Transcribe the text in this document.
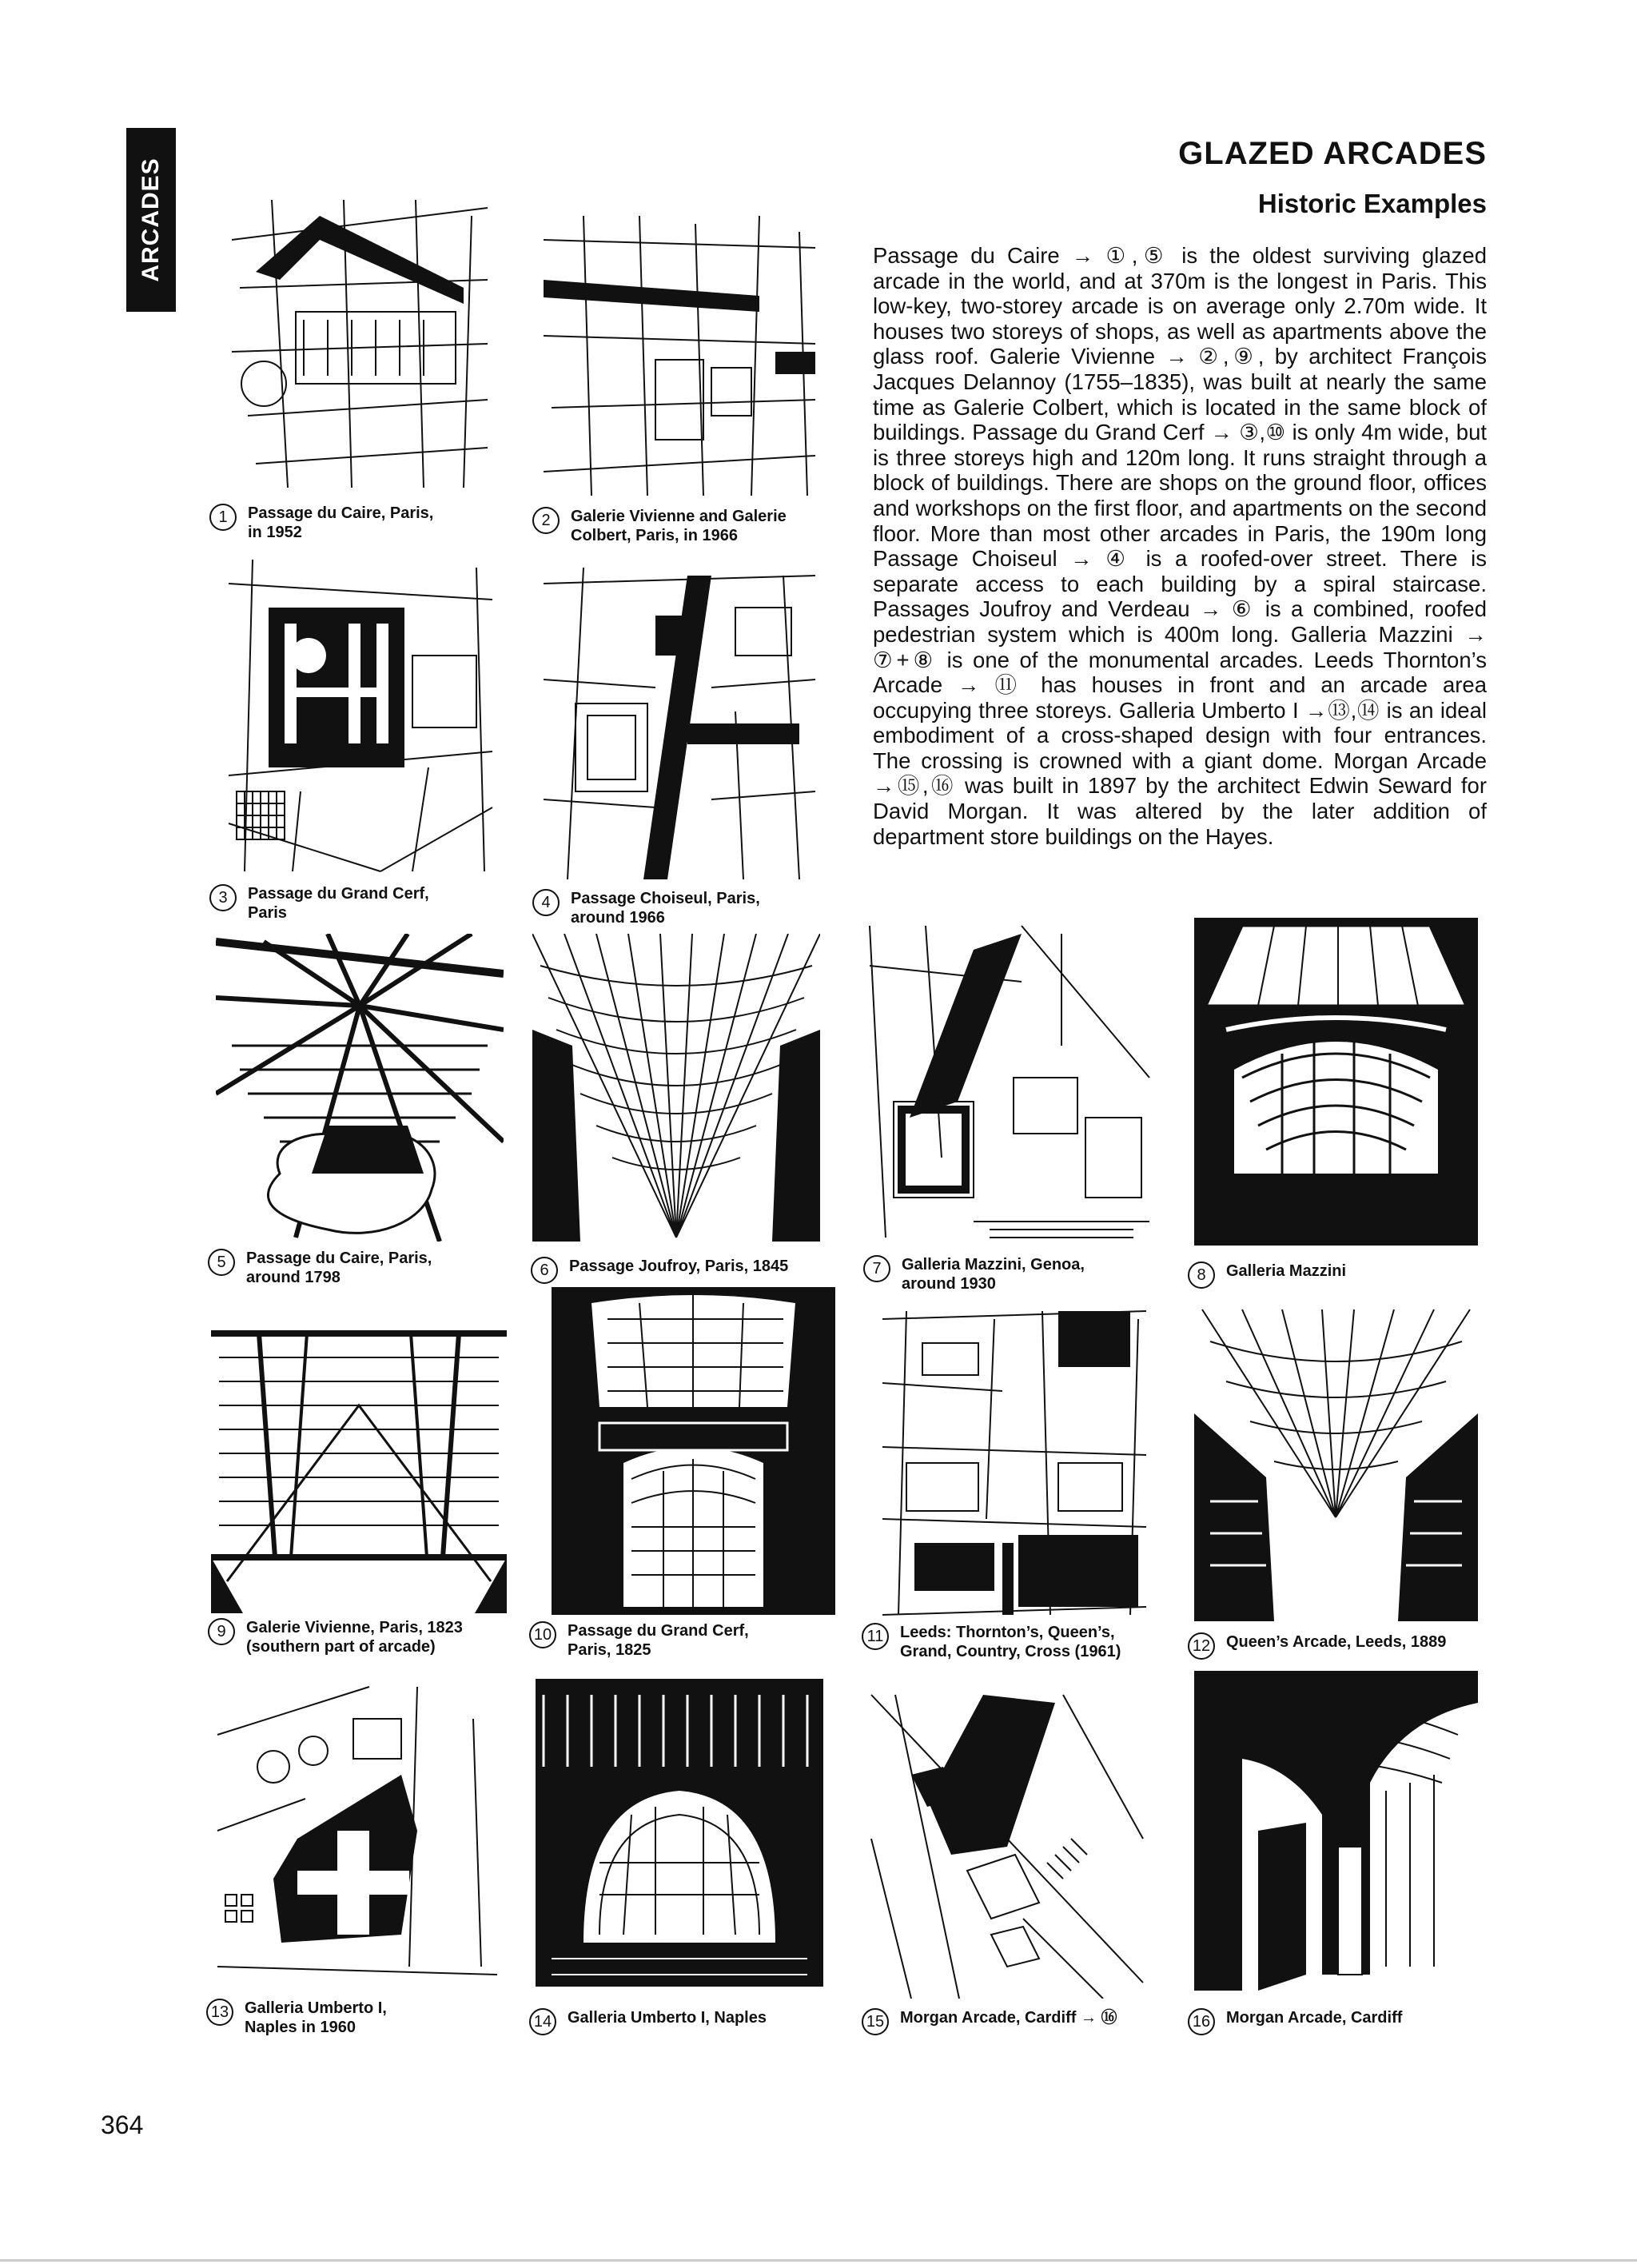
ARCADES
GLAZED ARCADES
Historic Examples
Passage du Caire → ①,⑤ is the oldest surviving glazed arcade in the world, and at 370m is the longest in Paris. This low-key, two-storey arcade is on average only 2.70m wide. It houses two storeys of shops, as well as apartments above the glass roof. Galerie Vivienne → ②,⑨, by architect François Jacques Delannoy (1755–1835), was built at nearly the same time as Galerie Colbert, which is located in the same block of buildings. Passage du Grand Cerf → ③,⑩ is only 4m wide, but is three storeys high and 120m long. It runs straight through a block of buildings. There are shops on the ground floor, offices and workshops on the first floor, and apartments on the second floor. More than most other arcades in Paris, the 190m long Passage Choiseul → ④ is a roofed-over street. There is separate access to each building by a spiral staircase. Passages Joufroy and Verdeau → ⑥ is a combined, roofed pedestrian system which is 400m long. Galleria Mazzini → ⑦+⑧ is one of the monumental arcades. Leeds Thornton’s Arcade → ⑪ has houses in front and an arcade area occupying three storeys. Galleria Umberto I →⑬,⑭ is an ideal embodiment of a cross-shaped design with four entrances. The crossing is crowned with a giant dome. Morgan Arcade →⑮,⑯ was built in 1897 by the architect Edwin Seward for David Morgan. It was altered by the later addition of department store buildings on the Hayes.
1	Passage du Caire, Paris,
in 1952
2	Galerie Vivienne and Galerie
Colbert, Paris, in 1966
3	Passage du Grand Cerf,
Paris
4	Passage Choiseul, Paris,
around 1966
5	Passage du Caire, Paris,
around 1798	6	Passage Joufroy, Paris, 1845	7	Galleria Mazzini, Genoa,
around 1930	8	Galleria Mazzini
9	Galerie Vivienne, Paris, 1823
(southern part of arcade)
10 Passage du Grand Cerf,
Paris, 1825
11	Leeds: Thornton’s, Queen’s,
Grand, Country, Cross (1961)	12 Queen’s Arcade, Leeds, 1889
13 Galleria Umberto I,
Naples in 1960	14 Galleria Umberto I, Naples	15 Morgan Arcade, Cardiff → ⑯	16 Morgan Arcade, Cardiff
364
